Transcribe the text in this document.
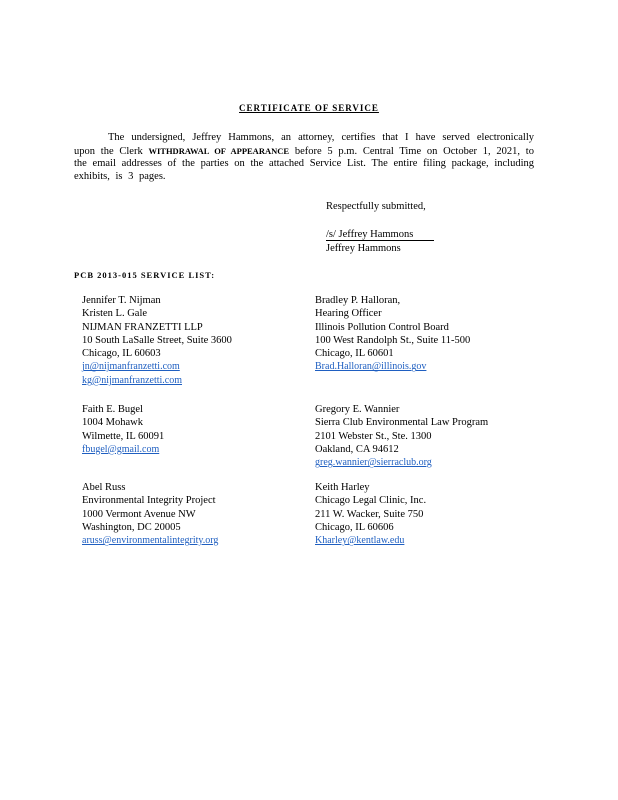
CERTIFICATE OF SERVICE
The undersigned, Jeffrey Hammons, an attorney, certifies that I have served electronically upon the Clerk WITHDRAWAL OF APPEARANCE before 5 p.m. Central Time on October 1, 2021, to the email addresses of the parties on the attached Service List. The entire filing package, including exhibits, is 3 pages.
Respectfully submitted,
/s/ Jeffrey Hammons
Jeffrey Hammons
PCB 2013-015 SERVICE LIST:
Jennifer T. Nijman
Kristen L. Gale
NIJMAN FRANZETTI LLP
10 South LaSalle Street, Suite 3600
Chicago, IL 60603
jn@nijmanfranzetti.com
kg@nijmanfranzetti.com
Bradley P. Halloran,
Hearing Officer
Illinois Pollution Control Board
100 West Randolph St., Suite 11-500
Chicago, IL 60601
Brad.Halloran@illinois.gov
Faith E. Bugel
1004 Mohawk
Wilmette, IL 60091
fbugel@gmail.com
Gregory E. Wannier
Sierra Club Environmental Law Program
2101 Webster St., Ste. 1300
Oakland, CA 94612
greg.wannier@sierraclub.org
Abel Russ
Environmental Integrity Project
1000 Vermont Avenue NW
Washington, DC 20005
aruss@environmentalintegrity.org
Keith Harley
Chicago Legal Clinic, Inc.
211 W. Wacker, Suite 750
Chicago, IL 60606
Kharley@kentlaw.edu
